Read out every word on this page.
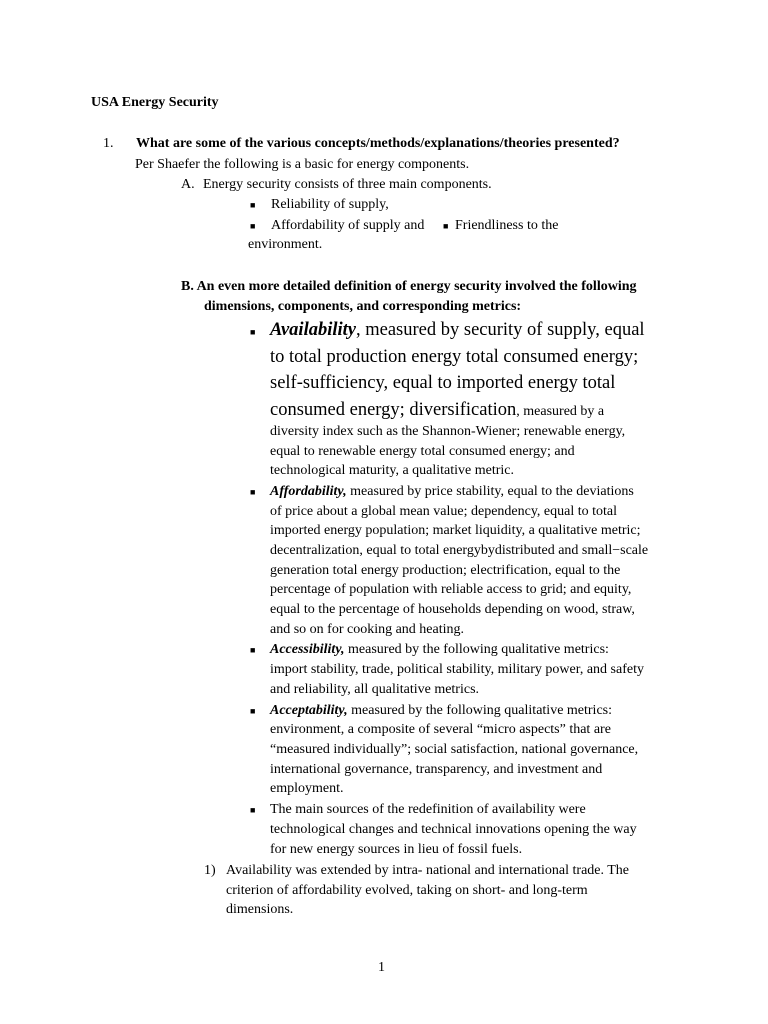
USA Energy Security
1. What are some of the various concepts/methods/explanations/theories presented?
Per Shaefer the following is a basic for energy components.
A. Energy security consists of three main components.
■ Reliability of supply,
■ Affordability of supply and ■ Friendliness to the
environment.
B. An even more detailed definition of energy security involved the following
dimensions, components, and corresponding metrics:
■ Availability, measured by security of supply, equal
to total production energy total consumed energy;
self-sufficiency, equal to imported energy total
consumed energy; diversification, measured by a
diversity index such as the Shannon-Wiener; renewable energy,
equal to renewable energy total consumed energy; and
technological maturity, a qualitative metric.
■ Affordability, measured by price stability, equal to the deviations
of price about a global mean value; dependency, equal to total
imported energy population; market liquidity, a qualitative metric;
decentralization, equal to total energybydistributed and small−scale
generation total energy production; electrification, equal to the
percentage of population with reliable access to grid; and equity,
equal to the percentage of households depending on wood, straw,
and so on for cooking and heating.
■ Accessibility, measured by the following qualitative metrics:
import stability, trade, political stability, military power, and safety
and reliability, all qualitative metrics.
■ Acceptability, measured by the following qualitative metrics:
environment, a composite of several “micro aspects” that are
“measured individually”; social satisfaction, national governance,
international governance, transparency, and investment and
employment.
■ The main sources of the redefinition of availability were
technological changes and technical innovations opening the way
for new energy sources in lieu of fossil fuels.
1) Availability was extended by intra- national and international trade. The
criterion of affordability evolved, taking on short- and long-term
dimensions.
1
